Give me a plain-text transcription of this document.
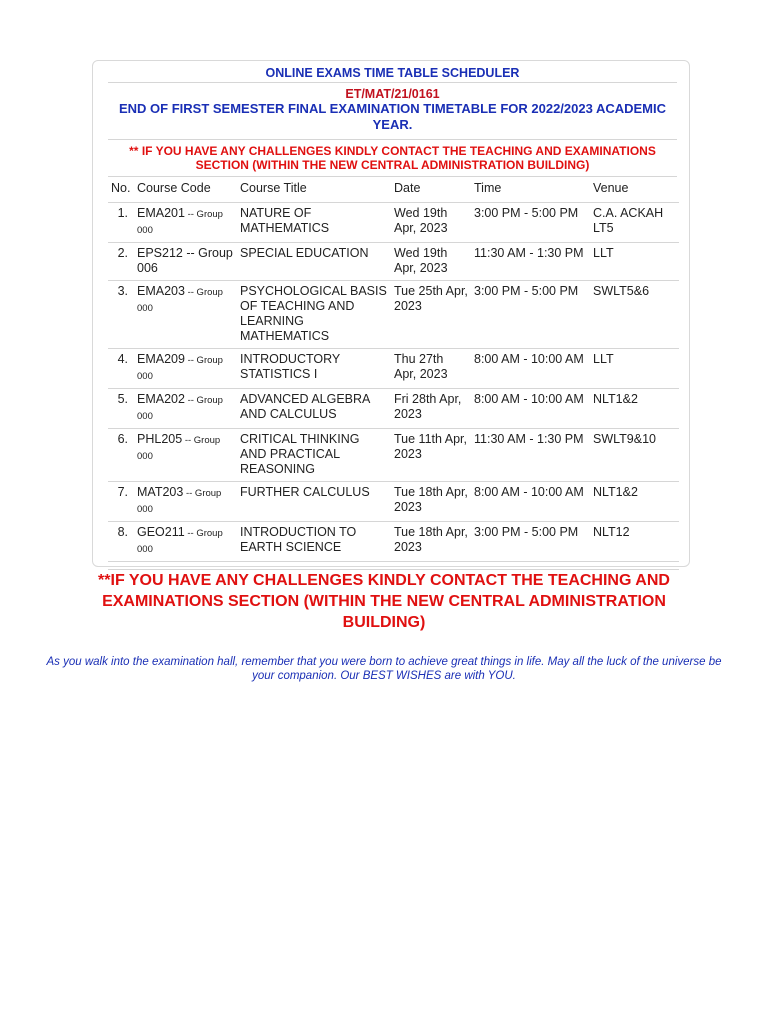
ONLINE EXAMS TIME TABLE SCHEDULER
ET/MAT/21/0161
END OF FIRST SEMESTER FINAL EXAMINATION TIMETABLE FOR 2022/2023 ACADEMIC YEAR.
** IF YOU HAVE ANY CHALLENGES KINDLY CONTACT THE TEACHING AND EXAMINATIONS SECTION (WITHIN THE NEW CENTRAL ADMINISTRATION BUILDING)
No.	Course Code	Course Title	Date	Time	Venue
1.	EMA201 -- Group 000	NATURE OF MATHEMATICS	Wed 19th Apr, 2023	3:00 PM - 5:00 PM	C.A. ACKAH LT5
2.	EPS212 -- Group 006	SPECIAL EDUCATION	Wed 19th Apr, 2023	11:30 AM - 1:30 PM	LLT
3.	EMA203 -- Group 000	PSYCHOLOGICAL BASIS OF TEACHING AND LEARNING MATHEMATICS	Tue 25th Apr, 2023	3:00 PM - 5:00 PM	SWLT5&6
4.	EMA209 -- Group 000	INTRODUCTORY STATISTICS I	Thu 27th Apr, 2023	8:00 AM - 10:00 AM	LLT
5.	EMA202 -- Group 000	ADVANCED ALGEBRA AND CALCULUS	Fri 28th Apr, 2023	8:00 AM - 10:00 AM	NLT1&2
6.	PHL205 -- Group 000	CRITICAL THINKING AND PRACTICAL REASONING	Tue 11th Apr, 2023	11:30 AM - 1:30 PM	SWLT9&10
7.	MAT203 -- Group 000	FURTHER CALCULUS	Tue 18th Apr, 2023	8:00 AM - 10:00 AM	NLT1&2
8.	GEO211 -- Group 000	INTRODUCTION TO EARTH SCIENCE	Tue 18th Apr, 2023	3:00 PM - 5:00 PM	NLT12

**IF YOU HAVE ANY CHALLENGES KINDLY CONTACT THE TEACHING AND EXAMINATIONS SECTION (WITHIN THE NEW CENTRAL ADMINISTRATION BUILDING)
As you walk into the examination hall, remember that you were born to achieve great things in life. May all the luck of the universe be your companion. Our BEST WISHES are with YOU.
